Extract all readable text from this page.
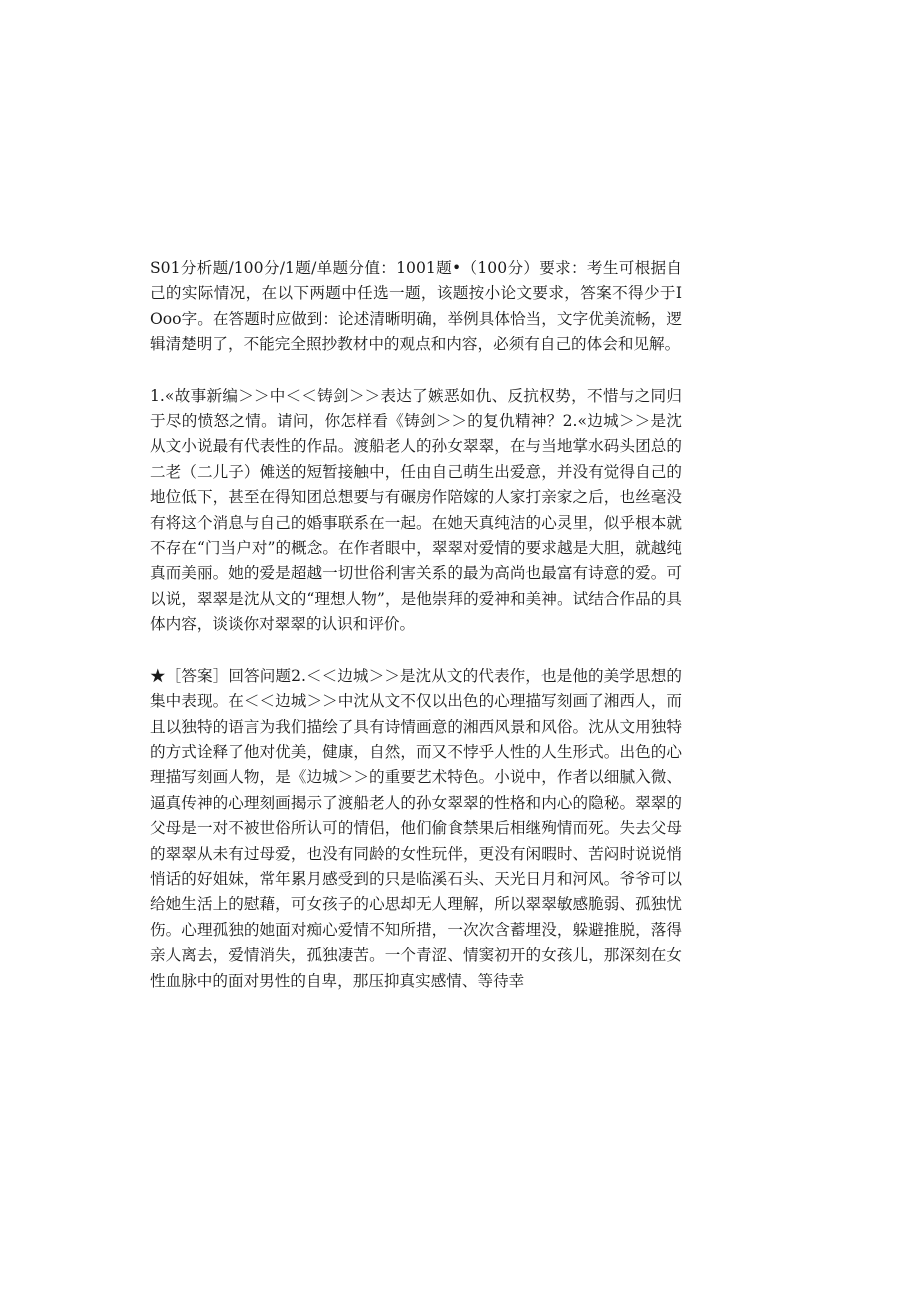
S01分析题/100分/1题/单题分值：1001题•（100分）要求：考生可根据自己的实际情况，在以下两题中任选一题，该题按小论文要求，答案不得少于IOoo字。在答题时应做到：论述清晰明确，举例具体恰当，文字优美流畅，逻辑清楚明了，不能完全照抄教材中的观点和内容，必须有自己的体会和见解。

1.«故事新编＞＞中＜＜铸剑＞＞表达了嫉恶如仇、反抗权势，不惜与之同归于尽的愤怒之情。请问，你怎样看《铸剑＞＞的复仇精神？2.«边城＞＞是沈从文小说最有代表性的作品。渡船老人的孙女翠翠，在与当地掌水码头团总的二老（二儿子）傩送的短暂接触中，任由自己萌生出爱意，并没有觉得自己的地位低下，甚至在得知团总想要与有碾房作陪嫁的人家打亲家之后，也丝毫没有将这个消息与自己的婚事联系在一起。在她天真纯洁的心灵里，似乎根本就不存在“门当户对”的概念。在作者眼中，翠翠对爱情的要求越是大胆，就越纯真而美丽。她的爱是超越一切世俗利害关系的最为高尚也最富有诗意的爱。可以说，翠翠是沈从文的“理想人物”，是他崇拜的爱神和美神。试结合作品的具体内容，谈谈你对翠翠的认识和评价。

★［答案］回答问题2.＜＜边城＞＞是沈从文的代表作，也是他的美学思想的集中表现。在＜＜边城＞＞中沈从文不仅以出色的心理描写刻画了湘西人，而且以独特的语言为我们描绘了具有诗情画意的湘西风景和风俗。沈从文用独特的方式诠释了他对优美，健康，自然，而又不悖乎人性的人生形式。出色的心理描写刻画人物，是《边城＞＞的重要艺术特色。小说中，作者以细腻入微、逼真传神的心理刻画揭示了渡船老人的孙女翠翠的性格和内心的隐秘。翠翠的父母是一对不被世俗所认可的情侣，他们偷食禁果后相继殉情而死。失去父母的翠翠从未有过母爱，也没有同龄的女性玩伴，更没有闲暇时、苦闷时说说悄悄话的好姐妹，常年累月感受到的只是临溪石头、天光日月和河风。爷爷可以给她生活上的慰藉，可女孩子的心思却无人理解，所以翠翠敏感脆弱、孤独忧伤。心理孤独的她面对痴心爱情不知所措，一次次含蓄埋没，躲避推脱，落得亲人离去，爱情消失，孤独凄苦。一个青涩、情窦初开的女孩儿，那深刻在女性血脉中的面对男性的自卑，那压抑真实感情、等待幸
